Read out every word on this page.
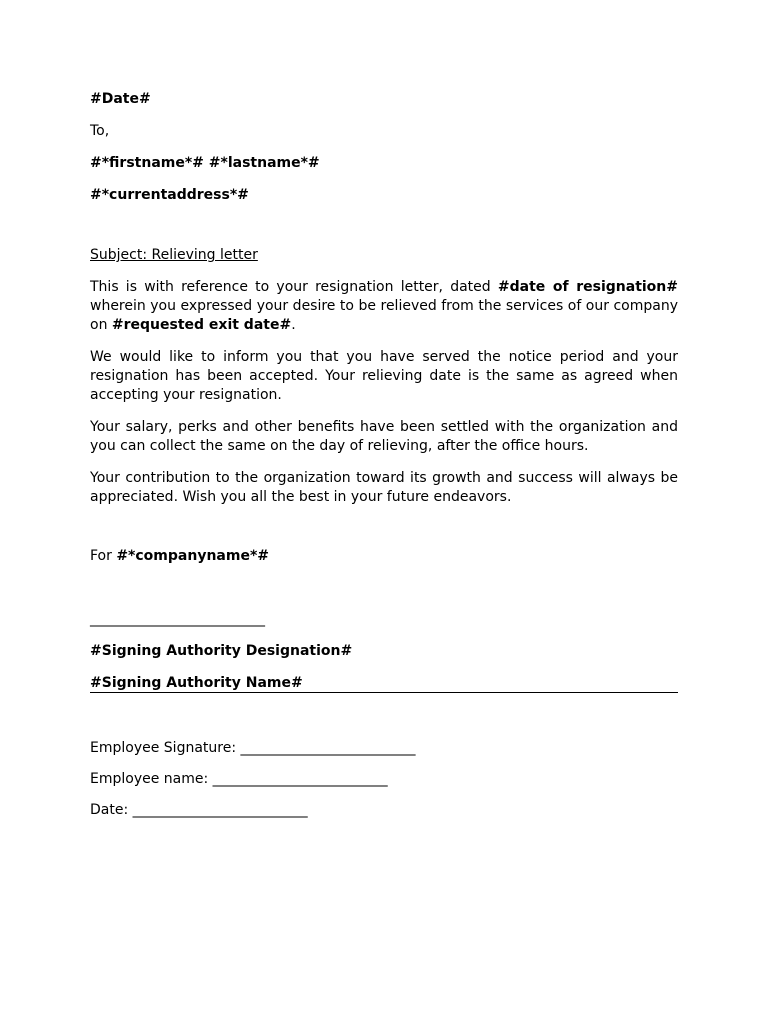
#Date#
To,
#*firstname*# #*lastname*#
#*currentaddress*#
Subject: Relieving letter

This is with reference to your resignation letter, dated #date of resignation# wherein you expressed your desire to be relieved from the services of our company on #requested exit date#.

We would like to inform you that you have served the notice period and your resignation has been accepted. Your relieving date is the same as agreed when accepting your resignation.

Your salary, perks and other benefits have been settled with the organization and you can collect the same on the day of relieving, after the office hours.

Your contribution to the organization toward its growth and success will always be appreciated. Wish you all the best in your future endeavors.

For #*companyname*#
_________________________
#Signing Authority Designation#
#Signing Authority Name#
Employee Signature: _________________________
Employee name: _________________________
Date: _________________________
